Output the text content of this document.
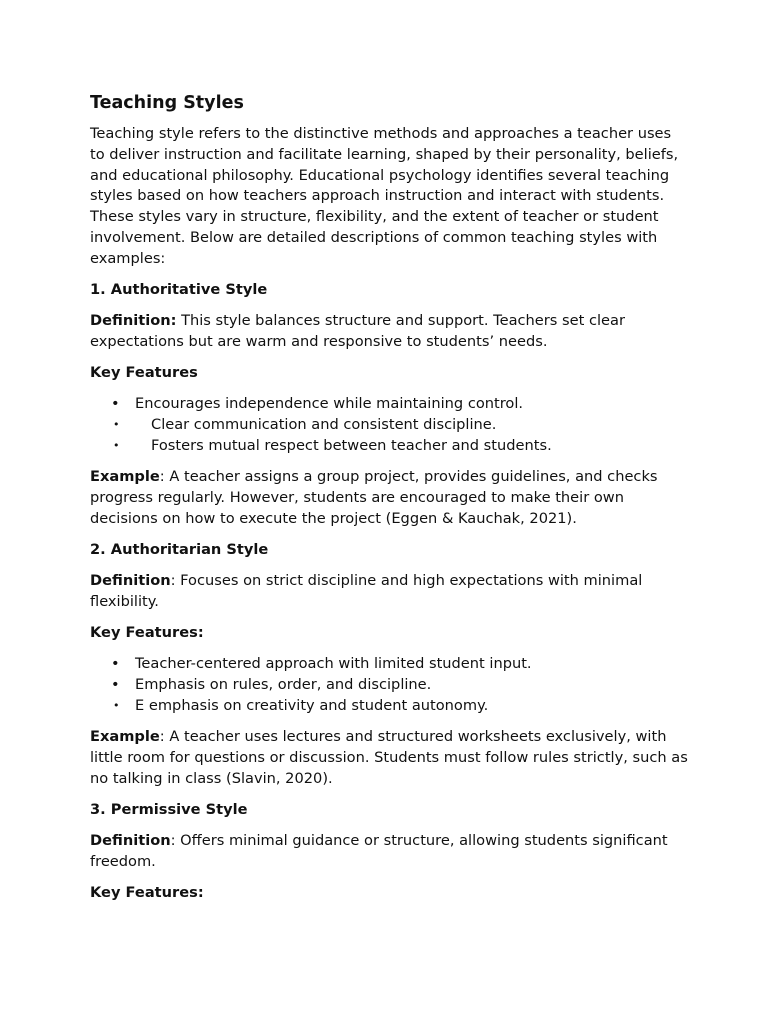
Teaching Styles

Teaching style refers to the distinctive methods and approaches a teacher uses to deliver instruction and facilitate learning, shaped by their personality, beliefs, and educational philosophy. Educational psychology identifies several teaching styles based on how teachers approach instruction and interact with students. These styles vary in structure, flexibility, and the extent of teacher or student involvement. Below are detailed descriptions of common teaching styles with examples:

1. Authoritative Style

Definition: This style balances structure and support. Teachers set clear expectations but are warm and responsive to students’ needs.

Key Features
• Encourages independence while maintaining control.
• Clear communication and consistent discipline.
• Fosters mutual respect between teacher and students.

Example: A teacher assigns a group project, provides guidelines, and checks progress regularly. However, students are encouraged to make their own decisions on how to execute the project (Eggen & Kauchak, 2021).

2. Authoritarian Style

Definition: Focuses on strict discipline and high expectations with minimal flexibility.

Key Features:
• Teacher-centered approach with limited student input.
• Emphasis on rules, order, and discipline.
• E emphasis on creativity and student autonomy.

Example: A teacher uses lectures and structured worksheets exclusively, with little room for questions or discussion. Students must follow rules strictly, such as no talking in class (Slavin, 2020).

3. Permissive Style

Definition: Offers minimal guidance or structure, allowing students significant freedom.

Key Features:
